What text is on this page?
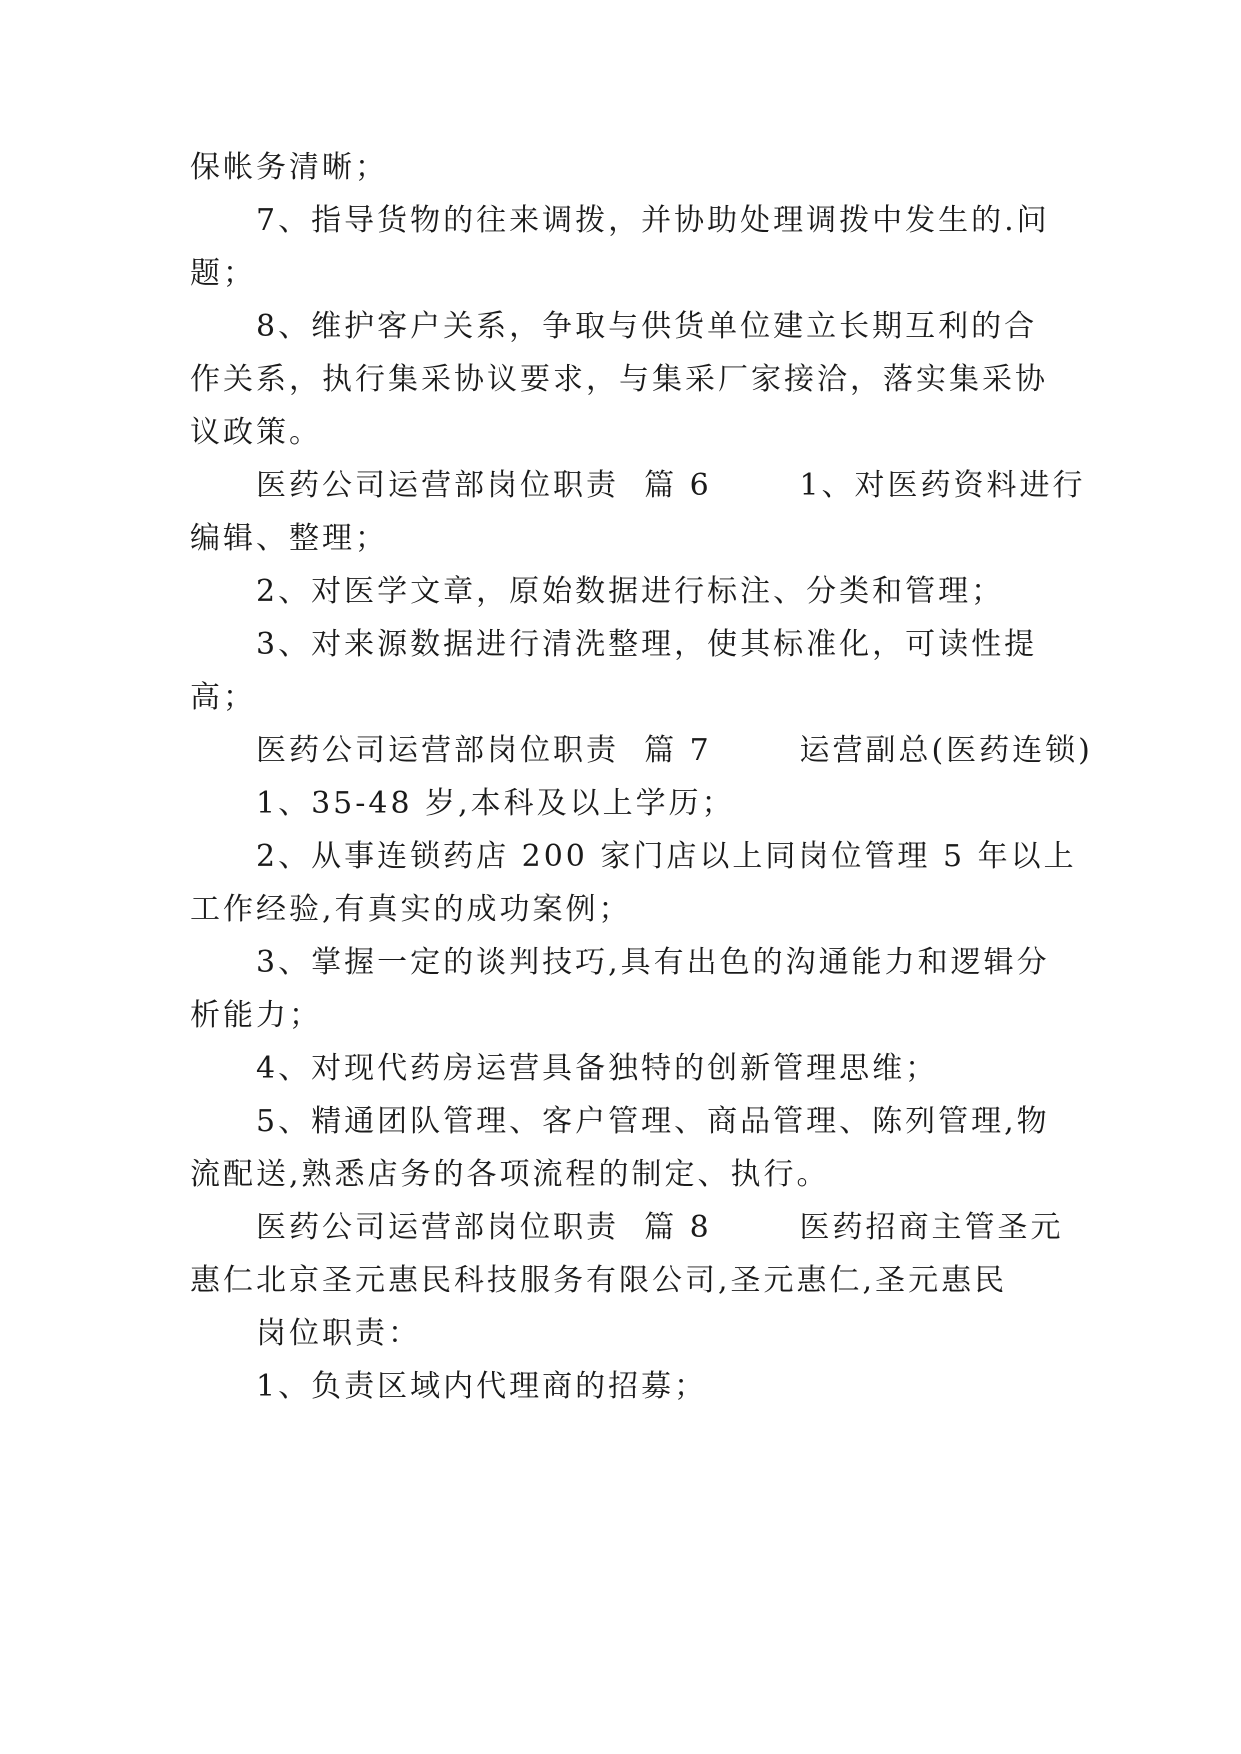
保帐务清晰；
7、指导货物的往来调拨，并协助处理调拨中发生的.问
题；
8、维护客户关系，争取与供货单位建立长期互利的合
作关系，执行集采协议要求，与集采厂家接洽，落实集采协
议政策。
医药公司运营部岗位职责  篇 6       1、对医药资料进行
编辑、整理；
2、对医学文章，原始数据进行标注、分类和管理；
3、对来源数据进行清洗整理，使其标准化，可读性提
高；
医药公司运营部岗位职责  篇 7       运营副总(医药连锁)
1、35-48 岁,本科及以上学历；
2、从事连锁药店 200 家门店以上同岗位管理 5 年以上
工作经验,有真实的成功案例；
3、掌握一定的谈判技巧,具有出色的沟通能力和逻辑分
析能力；
4、对现代药房运营具备独特的创新管理思维；
5、精通团队管理、客户管理、商品管理、陈列管理,物
流配送,熟悉店务的各项流程的制定、执行。
医药公司运营部岗位职责  篇 8       医药招商主管圣元
惠仁北京圣元惠民科技服务有限公司,圣元惠仁,圣元惠民
岗位职责：
1、负责区域内代理商的招募；
